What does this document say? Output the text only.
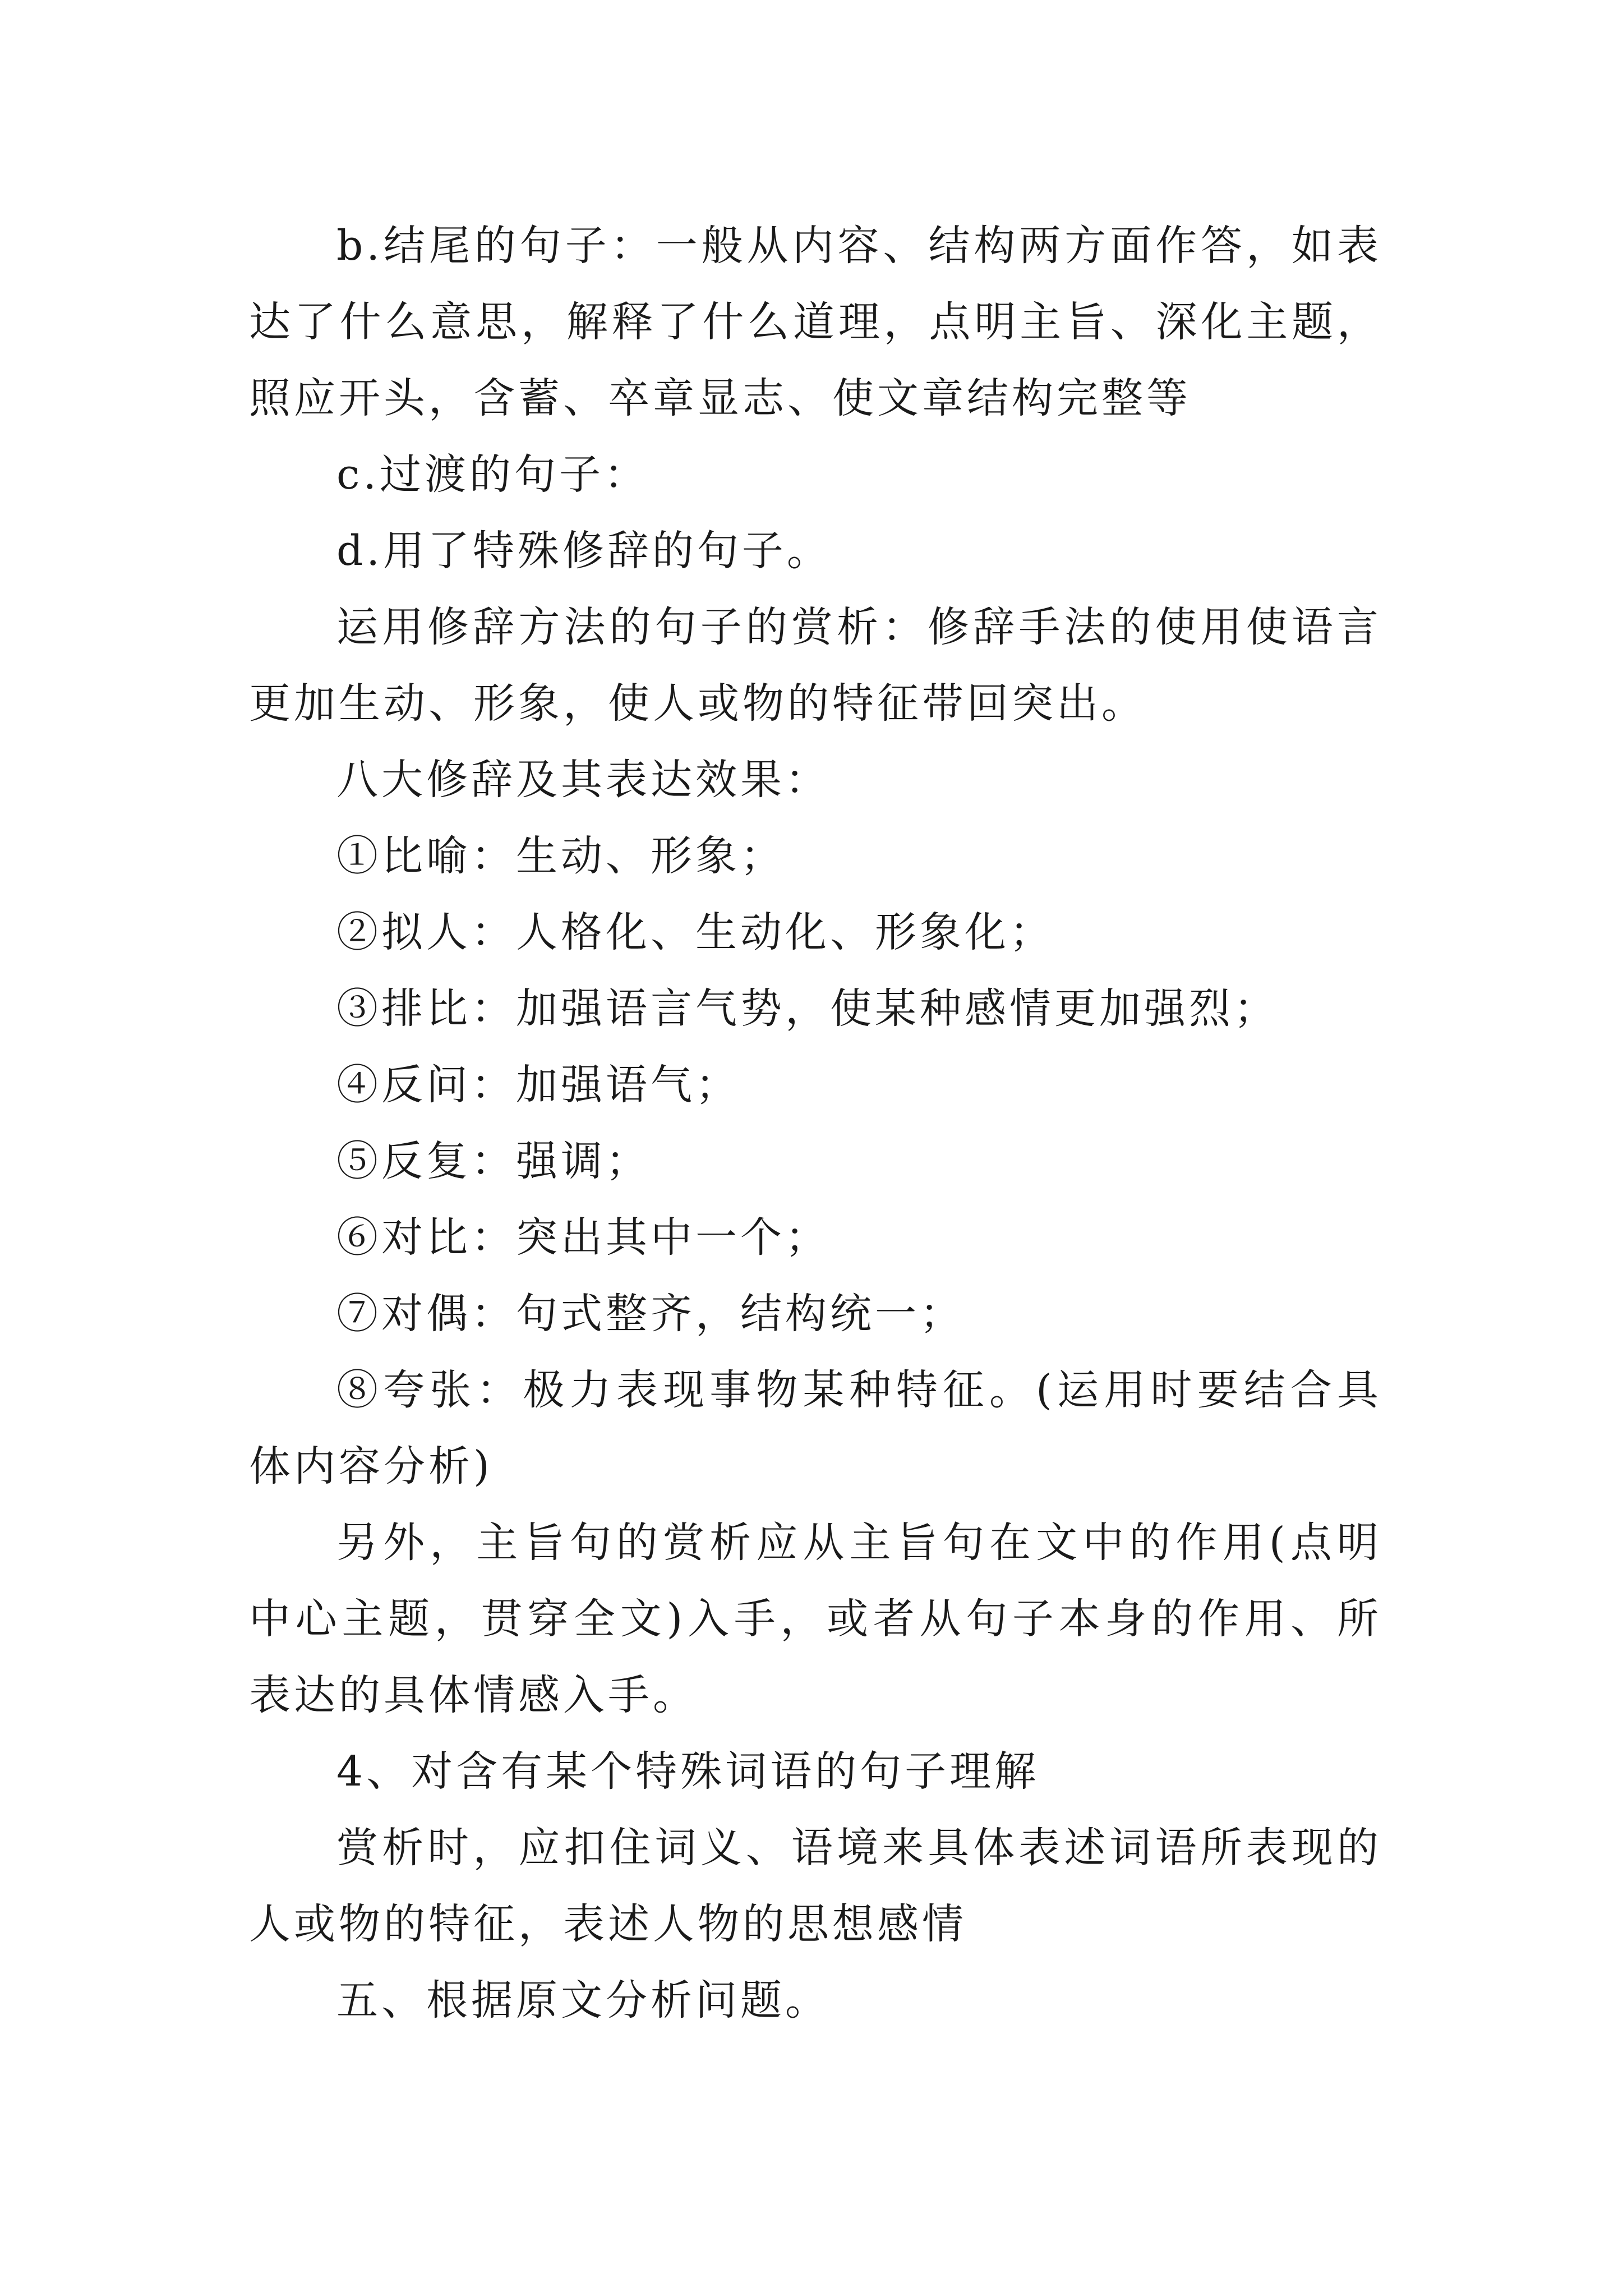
b.结尾的句子：一般从内容、结构两方面作答，如表达了什么意思，解释了什么道理，点明主旨、深化主题，照应开头，含蓄、卒章显志、使文章结构完整等

c.过渡的句子：

d.用了特殊修辞的句子。

运用修辞方法的句子的赏析：修辞手法的使用使语言更加生动、形象，使人或物的特征带回突出。

八大修辞及其表达效果：

①比喻：生动、形象；

②拟人：人格化、生动化、形象化；

③排比：加强语言气势，使某种感情更加强烈；

④反问：加强语气；

⑤反复：强调；

⑥对比：突出其中一个；

⑦对偶：句式整齐，结构统一；

⑧夸张：极力表现事物某种特征。(运用时要结合具体内容分析)

另外，主旨句的赏析应从主旨句在文中的作用(点明中心主题，贯穿全文)入手，或者从句子本身的作用、所表达的具体情感入手。

4、对含有某个特殊词语的句子理解

赏析时，应扣住词义、语境来具体表述词语所表现的人或物的特征，表述人物的思想感情

五、根据原文分析问题。
